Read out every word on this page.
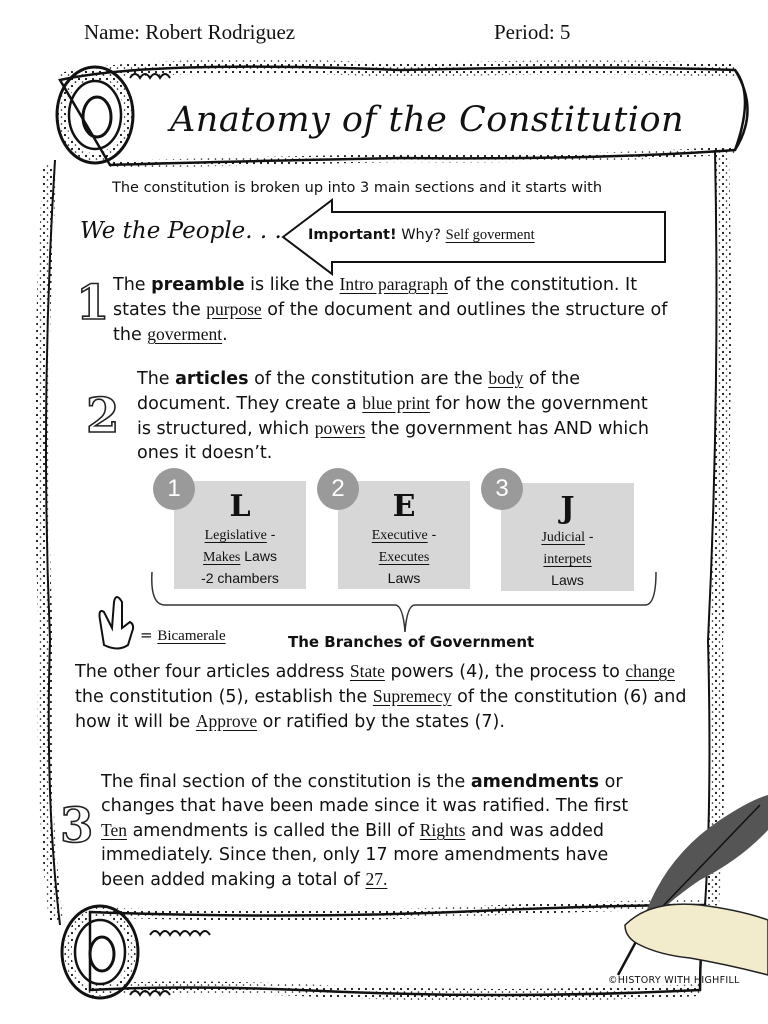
Name: Robert Rodriguez	Period: 5
Anatomy of the Constitution
The constitution is broken up into 3 main sections and it starts with
We the People. . . Important! Why? Self goverment
1 The preamble is like the Intro paragraph of the constitution. It states the purpose of the document and outlines the structure of the goverment.
2
The articles of the constitution are the body of the document. They create a blue print for how the government is structured, which powers the government has AND which ones it doesn’t.
L
Legislative -
Makes Laws
-2 chambers
1
E
Executive -
Executes
Laws
2
J
Judicial -
interpets
Laws
3
= Bicamerale	The Branches of Government
The other four articles address State powers (4), the process to change the constitution (5), establish the Supremecy of the constitution (6) and how it will be Approve or ratified by the states (7).
3
The final section of the constitution is the amendments or changes that have been made since it was ratified. The first Ten amendments is called the Bill of Rights and was added immediately. Since then, only 17 more amendments have been added making a total of 27.
©HISTORY WITH HIGHFILL
